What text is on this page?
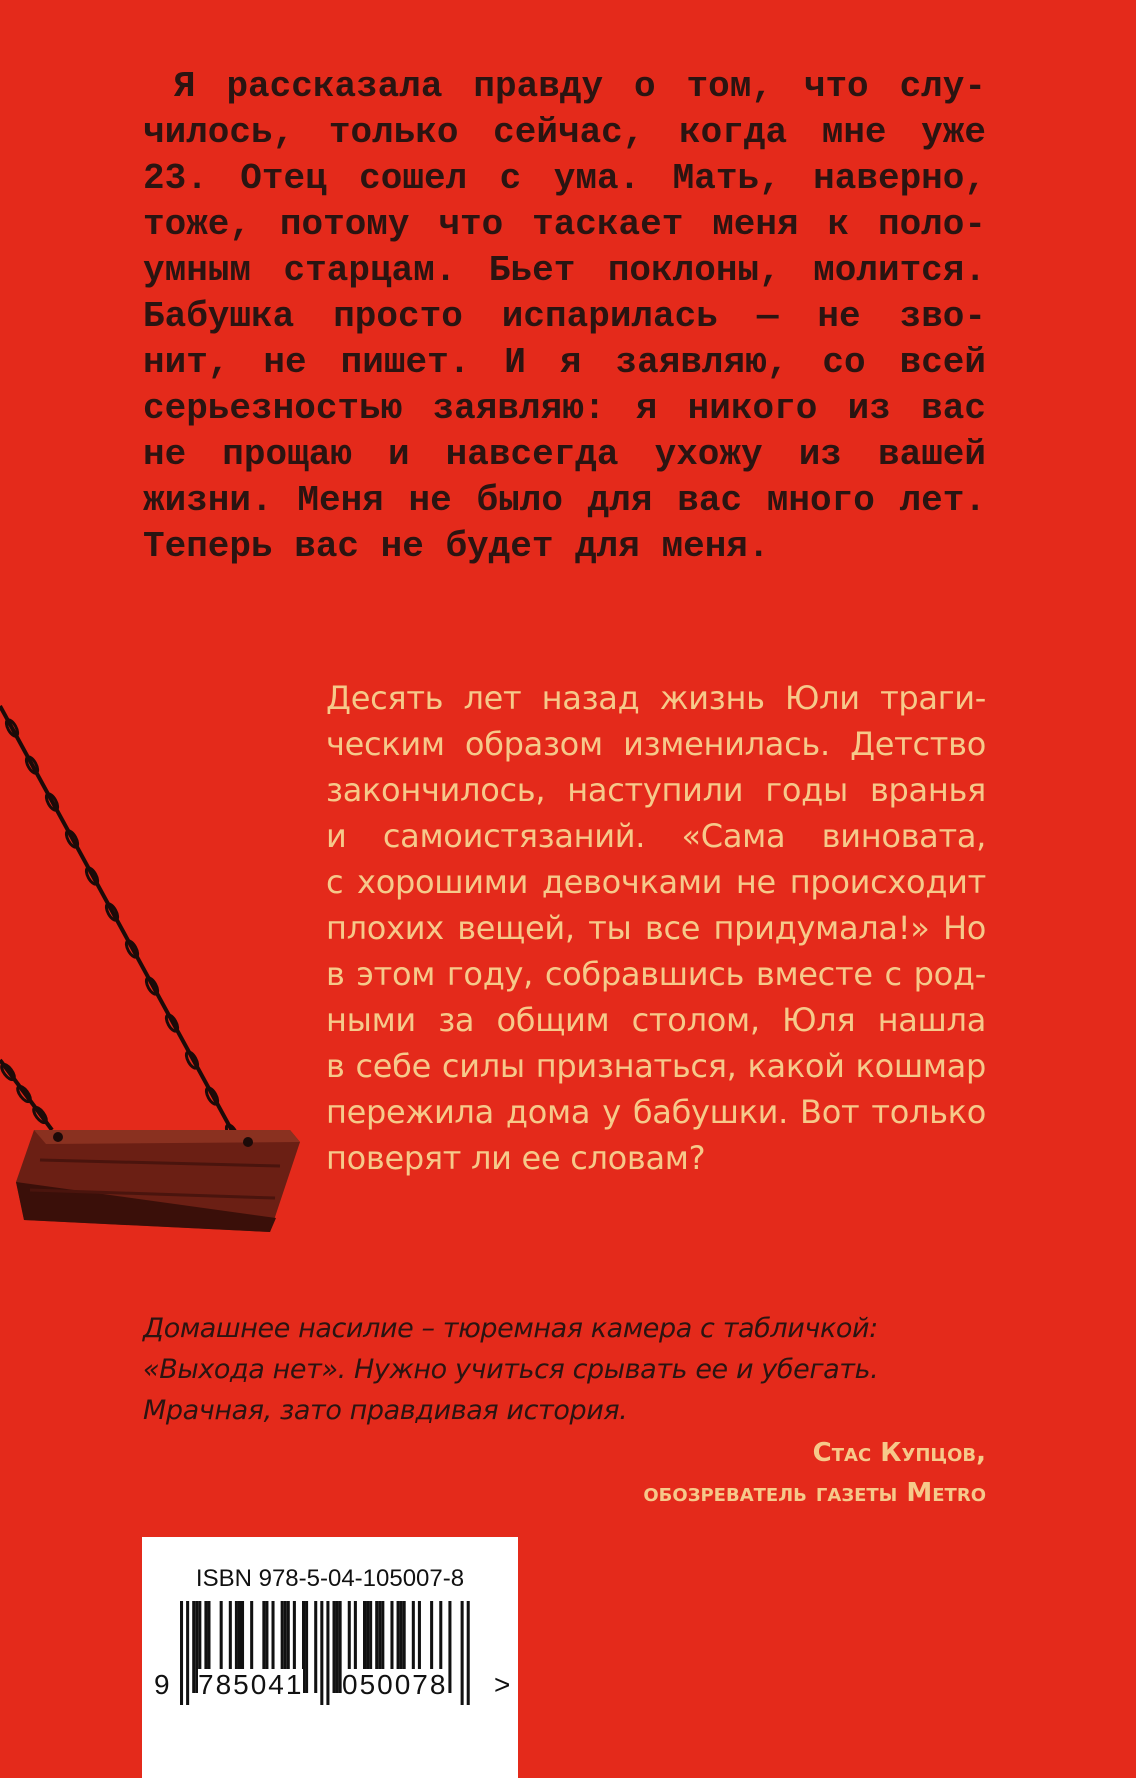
Я рассказала правду о том, что слу-
чилось, только сейчас, когда мне уже
23. Отец сошел с ума. Мать, наверно,
тоже, потому что таскает меня к поло-
умным старцам. Бьет поклоны, молится.
Бабушка просто испарилась — не зво-
нит, не пишет. И я заявляю, со всей
серьезностью заявляю: я никого из вас
не прощаю и навсегда ухожу из вашей
жизни. Меня не было для вас много лет.
Теперь вас не будет для меня.
Десять лет назад жизнь Юли траги-
ческим образом изменилась. Детство
закончилось, наступили годы вранья
и самоистязаний. «Сама виновата,
с хорошими девочками не происходит
плохих вещей, ты все придумала!» Но
в этом году, собравшись вместе с род-
ными за общим столом, Юля нашла
в себе силы признаться, какой кошмар
пережила дома у бабушки. Вот только
поверят ли ее словам?
Домашнее насилие – тюремная камера с табличкой:
«Выхода нет». Нужно учиться срывать ее и убегать.
Мрачная, зато правдивая история.
Стас Купцов,
обозреватель газеты Metro
ISBN 978-5-04-105007-8
9 785041 050078 >
